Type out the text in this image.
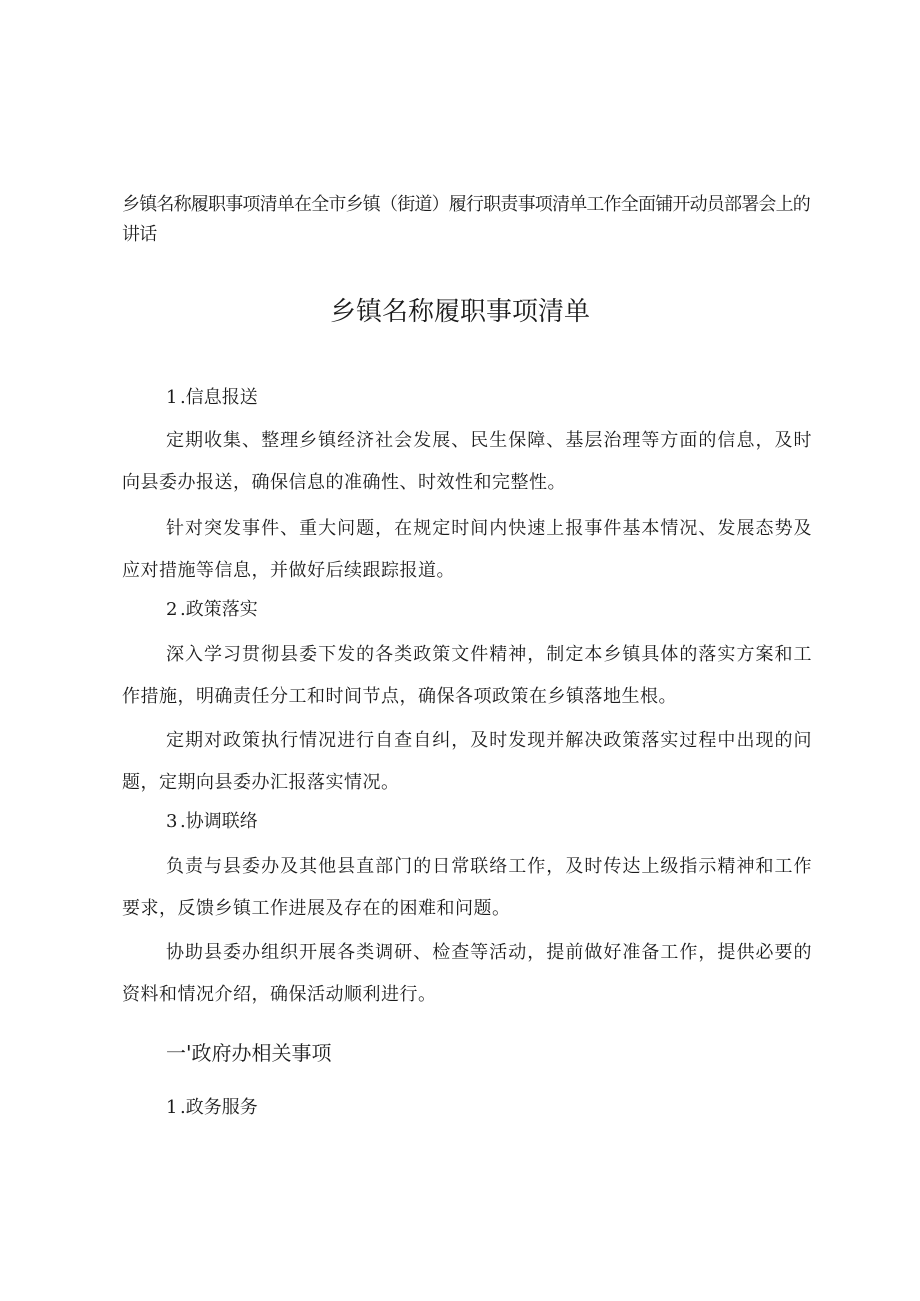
乡镇名称履职事项清单在全市乡镇（街道）履行职责事项清单工作全面铺开动员部署会上的讲话
乡镇名称履职事项清单

1 .信息报送

定期收集、整理乡镇经济社会发展、民生保障、基层治理等方面的信息，及时向县委办报送，确保信息的准确性、时效性和完整性。

针对突发事件、重大问题，在规定时间内快速上报事件基本情况、发展态势及应对措施等信息，并做好后续跟踪报道。

2 .政策落实

深入学习贯彻县委下发的各类政策文件精神，制定本乡镇具体的落实方案和工作措施，明确责任分工和时间节点，确保各项政策在乡镇落地生根。

定期对政策执行情况进行自查自纠，及时发现并解决政策落实过程中出现的问题，定期向县委办汇报落实情况。

3 .协调联络

负责与县委办及其他县直部门的日常联络工作，及时传达上级指示精神和工作要求，反馈乡镇工作进展及存在的困难和问题。

协助县委办组织开展各类调研、检查等活动，提前做好准备工作，提供必要的资料和情况介绍，确保活动顺利进行。

一'政府办相关事项

1 .政务服务
